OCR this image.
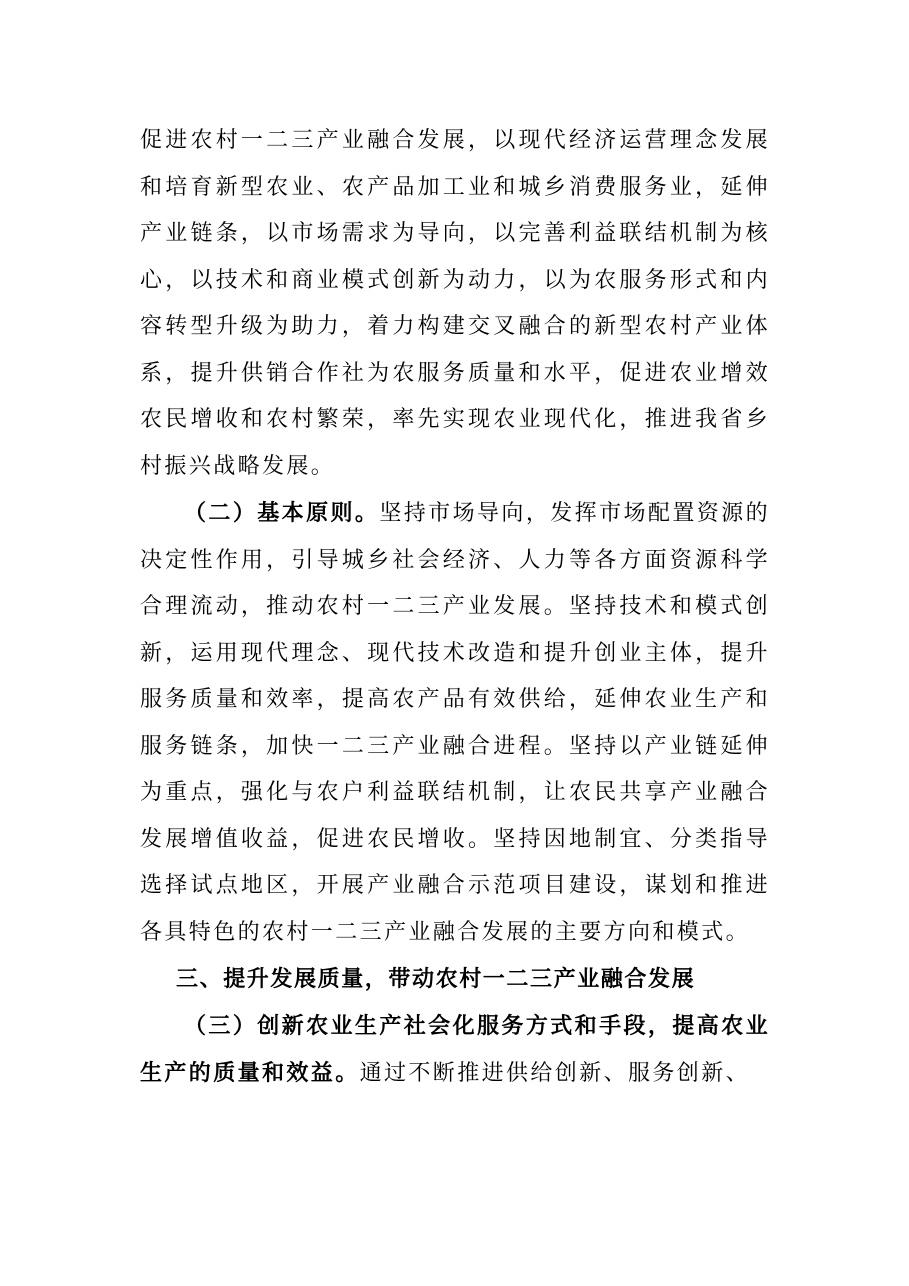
促进农村一二三产业融合发展，以现代经济运营理念发展和培育新型农业、农产品加工业和城乡消费服务业，延伸产业链条，以市场需求为导向，以完善利益联结机制为核心，以技术和商业模式创新为动力，以为农服务形式和内容转型升级为助力，着力构建交叉融合的新型农村产业体系，提升供销合作社为农服务质量和水平，促进农业增效农民增收和农村繁荣，率先实现农业现代化，推进我省乡村振兴战略发展。

（二）基本原则。坚持市场导向，发挥市场配置资源的决定性作用，引导城乡社会经济、人力等各方面资源科学合理流动，推动农村一二三产业发展。坚持技术和模式创新，运用现代理念、现代技术改造和提升创业主体，提升服务质量和效率，提高农产品有效供给，延伸农业生产和服务链条，加快一二三产业融合进程。坚持以产业链延伸为重点，强化与农户利益联结机制，让农民共享产业融合发展增值收益，促进农民增收。坚持因地制宜、分类指导选择试点地区，开展产业融合示范项目建设，谋划和推进各具特色的农村一二三产业融合发展的主要方向和模式。

三、提升发展质量，带动农村一二三产业融合发展

（三）创新农业生产社会化服务方式和手段，提高农业生产的质量和效益。通过不断推进供给创新、服务创新、
